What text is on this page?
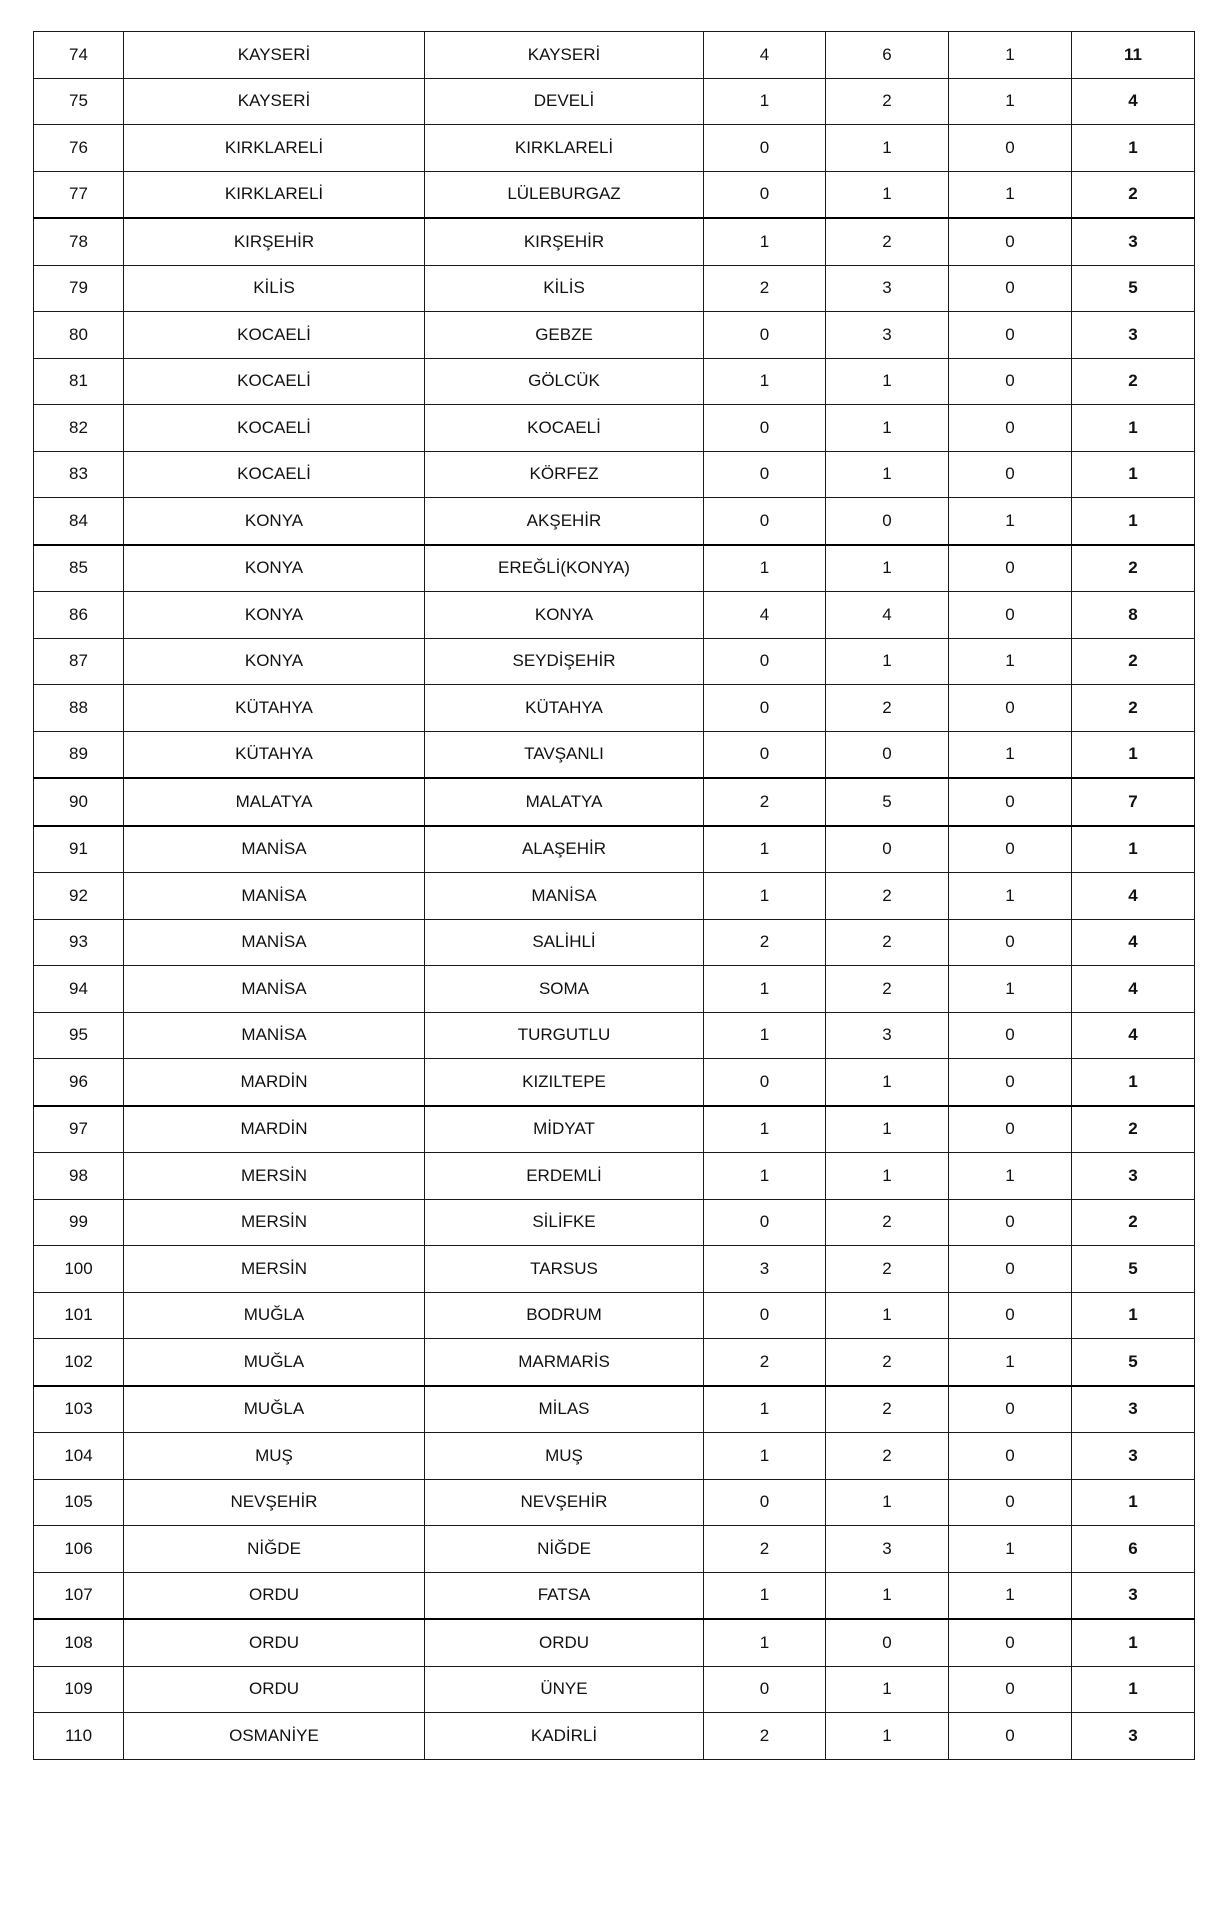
74	KAYSERİ	KAYSERİ	4	6	1	11
75	KAYSERİ	DEVELİ	1	2	1	4
76	KIRKLARELİ	KIRKLARELİ	0	1	0	1
77	KIRKLARELİ	LÜLEBURGAZ	0	1	1	2
78	KIRŞEHİR	KIRŞEHİR	1	2	0	3
79	KİLİS	KİLİS	2	3	0	5
80	KOCAELİ	GEBZE	0	3	0	3
81	KOCAELİ	GÖLCÜK	1	1	0	2
82	KOCAELİ	KOCAELİ	0	1	0	1
83	KOCAELİ	KÖRFEZ	0	1	0	1
84	KONYA	AKŞEHİR	0	0	1	1
85	KONYA	EREĞLİ(KONYA)	1	1	0	2
86	KONYA	KONYA	4	4	0	8
87	KONYA	SEYDİŞEHİR	0	1	1	2
88	KÜTAHYA	KÜTAHYA	0	2	0	2
89	KÜTAHYA	TAVŞANLI	0	0	1	1
90	MALATYA	MALATYA	2	5	0	7
91	MANİSA	ALAŞEHİR	1	0	0	1
92	MANİSA	MANİSA	1	2	1	4
93	MANİSA	SALİHLİ	2	2	0	4
94	MANİSA	SOMA	1	2	1	4
95	MANİSA	TURGUTLU	1	3	0	4
96	MARDİN	KIZILTEPE	0	1	0	1
97	MARDİN	MİDYAT	1	1	0	2
98	MERSİN	ERDEMLİ	1	1	1	3
99	MERSİN	SİLİFKE	0	2	0	2
100	MERSİN	TARSUS	3	2	0	5
101	MUĞLA	BODRUM	0	1	0	1
102	MUĞLA	MARMARİS	2	2	1	5
103	MUĞLA	MİLAS	1	2	0	3
104	MUŞ	MUŞ	1	2	0	3
105	NEVŞEHİR	NEVŞEHİR	0	1	0	1
106	NİĞDE	NİĞDE	2	3	1	6
107	ORDU	FATSA	1	1	1	3
108	ORDU	ORDU	1	0	0	1
109	ORDU	ÜNYE	0	1	0	1
110	OSMANİYE	KADİRLİ	2	1	0	3
